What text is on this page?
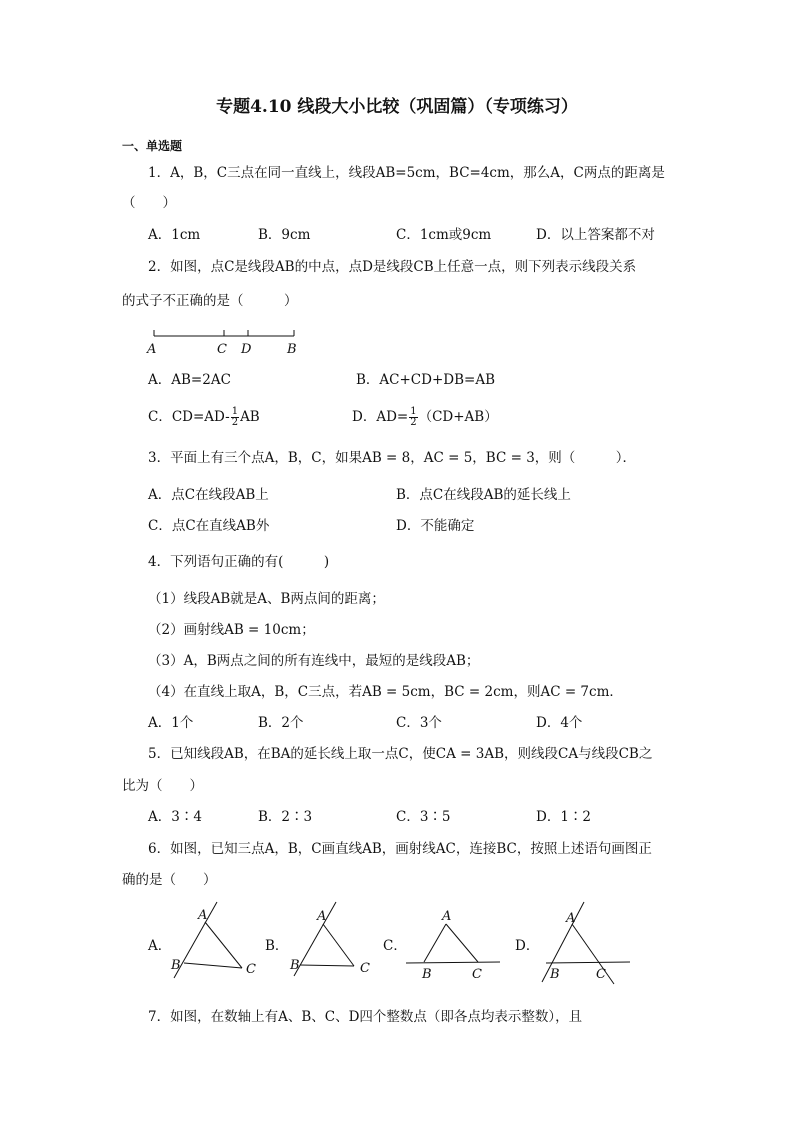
专题4.10 线段大小比较（巩固篇）（专项练习）
一、单选题
1．A，B，C三点在同一直线上，线段AB=5cm，BC=4cm，那么A，C两点的距离是
（　　）
A．1cm	B．9cm	C．1cm或9cm	D．以上答案都不对
2．如图，点C是线段AB的中点，点D是线段CB上任意一点，则下列表示线段关系
的式子不正确的是（　　　）
A	C D	B
A．AB=2AC	B．AC+CD+DB=AB
C．$CD=AD- \frac{1}{2}$ AB	D．$AD= \frac{1}{2} (CD+AB)$
3．平面上有三个点A，B，C，如果AB = 8，AC = 5，BC = 3，则（　　　）．
A．点C在线段AB上	B．点C在线段AB的延长线上
C．点C在直线AB外	D．不能确定
4．下列语句正确的有(　　　)
（1）线段AB就是A、B两点间的距离；
（2）画射线AB = 10cm；
（3）A，B两点之间的所有连线中，最短的是线段AB；
（4）在直线上取A，B，C三点，若AB = 5cm，BC = 2cm，则AC = 7cm．
A．1个	B．2个	C．3个	D．4个
5．已知线段AB，在BA的延长线上取一点C，使CA = 3AB，则线段CA与线段CB之
比为（　　）
A．3∶4	B．2∶3	C．3∶5	D．1∶2
6．如图，已知三点A，B，C画直线AB，画射线AC，连接BC，按照上述语句画图正
确的是（　　）
A．
A
B	C
B．
A
B	C
C．
A
B	C
D．
A
B	C
7．如图，在数轴上有A、B、C、D四个整数点（即各点均表示整数），且
